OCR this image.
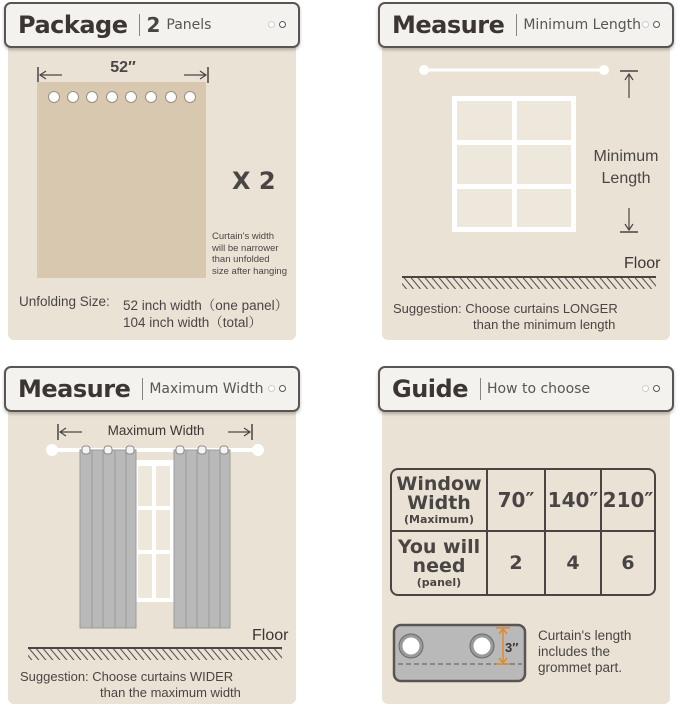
Package 2 Panels
52″
X 2
Curtain's width
will be narrower
than unfolded
size after hanging
Unfolding Size: 52 inch width（one panel）
104 inch width（total）
Measure Minimum Length
Minimum
Length
Floor
Suggestion: Choose curtains LONGER
than the minimum length
Measure Maximum Width
Maximum Width
Floor
Suggestion: Choose curtains WIDER
than the maximum width
Guide How to choose
Window
Width
(Maximum)
70″ 140″ 210″
You will
need
(panel)
2 4 6
3″
Curtain's length
includes the
grommet part.
